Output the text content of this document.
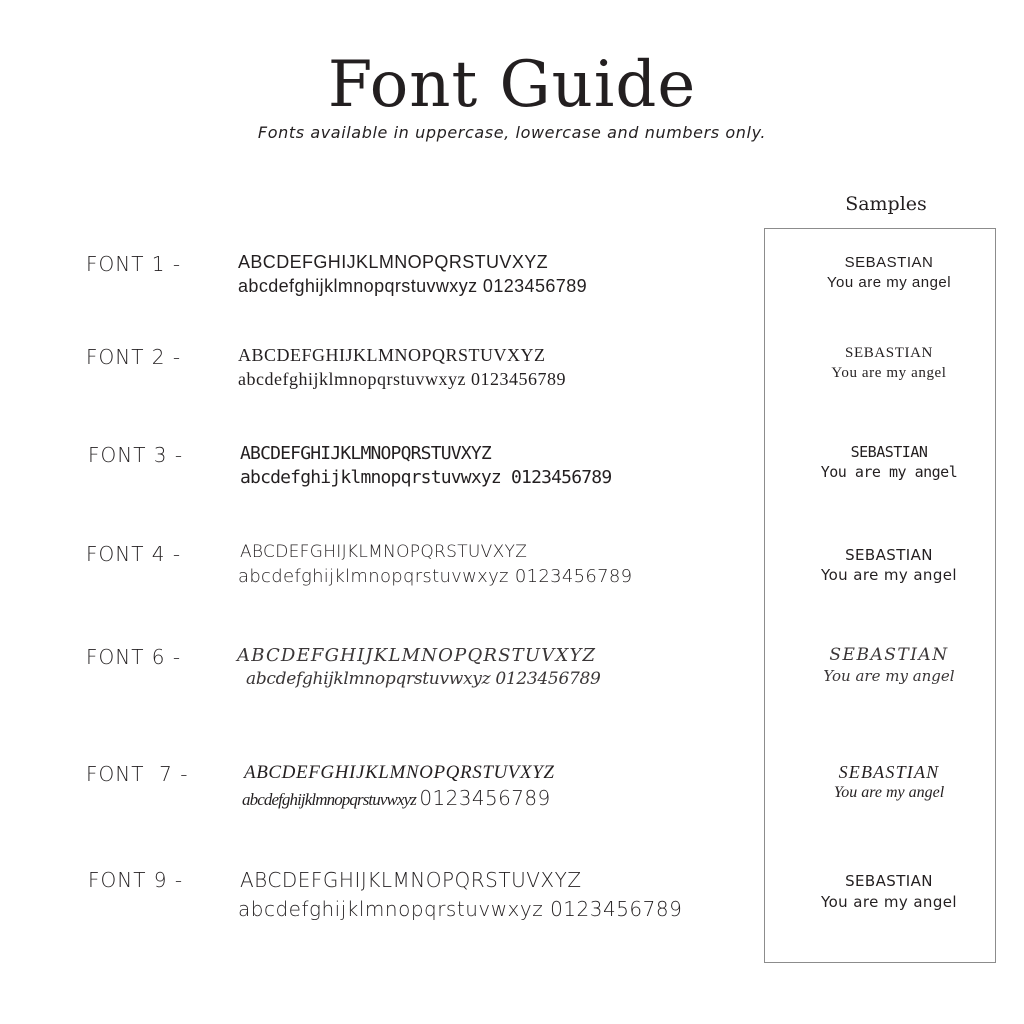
Font Guide
Fonts available in uppercase, lowercase and numbers only.
Samples
FONT 1 -	ABCDEFGHIJKLMNOPQRSTUVXYZ
abcdefghijklmnopqrstuvwxyz 0123456789
SEBASTIAN
You are my angel
FONT 2 -	ABCDEFGHIJKLMNOPQRSTUVXYZ
abcdefghijklmnopqrstuvwxyz 0123456789
SEBASTIAN
You are my angel
FONT 3 -	ABCDEFGHIJKLMNOPQRSTUVXYZ
abcdefghijklmnopqrstuvwxyz 0123456789
SEBASTIAN
You are my angel
FONT 4 -	ABCDEFGHIJKLMNOPQRSTUVXYZ
abcdefghijklmnopqrstuvwxyz 0123456789
SEBASTIAN
You are my angel
FONT 6 -	ABCDEFGHIJKLMNOPQRSTUVXYZ
abcdefghijklmnopqrstuvwxyz 0123456789
SEBASTIAN
You are my angel
FONT  7 -	ABCDEFGHIJKLMNOPQRSTUVXYZ
abcdefghijklmnopqrstuvwxyz 0123456789
SEBASTIAN
You are my angel
FONT 9 -	ABCDEFGHIJKLMNOPQRSTUVXYZ
abcdefghijklmnopqrstuvwxyz 0123456789
SEBASTIAN
You are my angel
